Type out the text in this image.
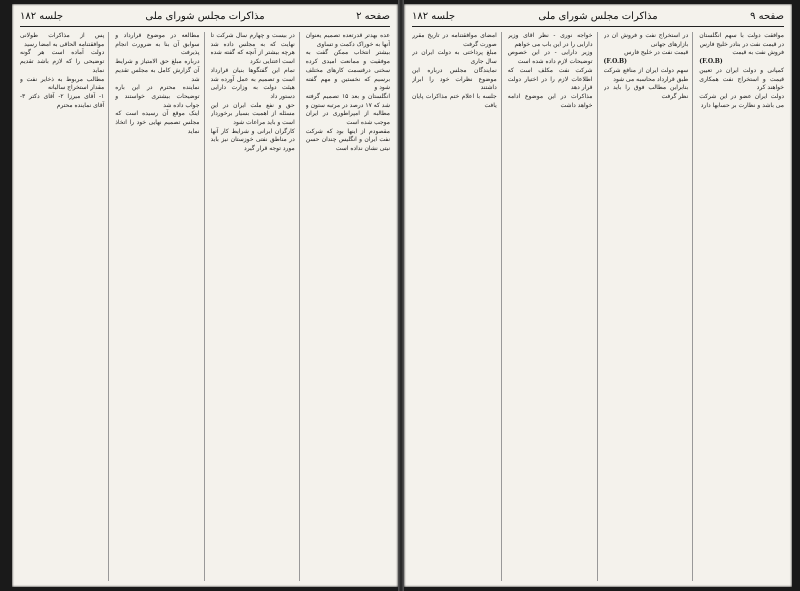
صفحه ۲
مذاکرات مجلس شورای ملی
جلسه ۱۸۲

عده بهدتر قدرتعده تصمیم یعنوان آنها به خوراک دکمت و تساوی

بیشتر انتخاب ممکن گفت به موفقیت و ممانعت امیدی کرده سخنی درقسمت کارهای مختلف برسیم که نخستین و مهم گفته شود و

انگلستان و بعد ۱۵ تصمیم گرفته شد که ۱۷ درصد در مرتبه ستون و مطالبه از امپراطوری در ایران موجب شده است

مقصودم از اینها بود که شرکت نفت ایران و انگلیس چندان حسن نیتی نشان نداده است

در بیست و چهارم سال شرکت تا نهایت که به مجلس داده شد هرچه بیشتر از آنچه که گفته شده است اعتنایی نکرد

تمام این گفتگوها بنیان قرارداد است و تصمیم به عمل آورده شد هیئت دولت به وزارت دارایی دستور داد

حق و نفع ملت ایران در این مسئله از اهمیت بسیار برخوردار است و باید مراعات شود

کارگران ایرانی و شرایط کار آنها در مناطق نفتی خوزستان نیز باید مورد توجه قرار گیرد

مطالعه در موضوع قرارداد و سوابق آن بنا به ضرورت انجام پذیرفت

درباره مبلغ حق الامتیاز و شرایط آن گزارش کامل به مجلس تقدیم شد

نماینده محترم در این باره توضیحات بیشتری خواستند و جواب داده شد

اینک موقع آن رسیده است که مجلس تصمیم نهایی خود را اتخاذ نماید

پس از مذاکرات طولانی موافقتنامه الحاقی به امضا رسید

دولت آماده است هر گونه توضیحی را که لازم باشد تقدیم نماید

مطالب مربوط به ذخایر نفت و مقدار استخراج سالیانه

۱- آقای میرزا ۲- آقای دکتر ۳- آقای نماینده محترم

صفحه ۹
مذاکرات مجلس شورای ملی
جلسه ۱۸۲

موافقت دولت با سهم انگلستان در قیمت نفت در بنادر خلیج فارس

فروش نفت به قیمت

(F.O.B)

کمپانی و دولت ایران در تعیین قیمت و استخراج نفت همکاری خواهند کرد

دولت ایران عضو در این شرکت می باشد و نظارت بر حسابها دارد

در استخراج نفت و فروش آن در بازارهای جهانی

قیمت نفت در خلیج فارس

(F.O.B)

سهم دولت ایران از منافع شرکت طبق قرارداد محاسبه می شود

بنابراین مطالب فوق را باید در نظر گرفت

خواجه نوری - نظر آقای وزیر دارایی را در این باب می خواهم

وزیر دارایی - در این خصوص توضیحات لازم داده شده است

شرکت نفت مکلف است که اطلاعات لازم را در اختیار دولت قرار دهد

مذاکرات در این موضوع ادامه خواهد داشت

امضای موافقتنامه در تاریخ مقرر صورت گرفت

مبلغ پرداختی به دولت ایران در سال جاری

نمایندگان مجلس درباره این موضوع نظرات خود را ابراز داشتند

جلسه با اعلام ختم مذاکرات پایان یافت
